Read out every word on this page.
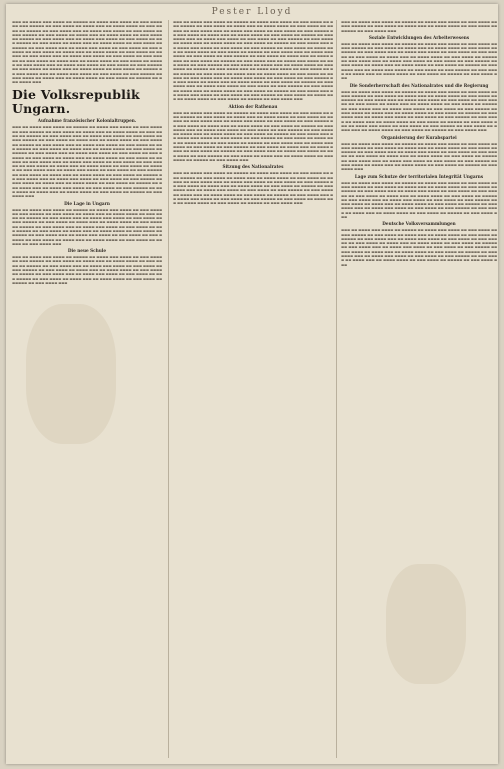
Pester Lloyd
▬▬▬ ▬▬ ▬▬▬▬ ▬▬▬ ▬▬▬▬ ▬▬ ▬▬▬▬▬ ▬▬ ▬▬▬▬ ▬▬▬ ▬▬▬▬ ▬▬ ▬▬▬ ▬▬▬▬ ▬▬ ▬▬▬ ▬▬▬▬▬ ▬▬ ▬▬▬ ▬▬▬▬ ▬▬ ▬▬▬▬ ▬▬▬ ▬▬ ▬▬▬▬ ▬▬▬▬ ▬▬ ▬▬▬ ▬▬▬▬ ▬▬ ▬▬▬▬▬ ▬▬ ▬▬▬ ▬▬▬▬ ▬▬▬ ▬▬ ▬▬▬▬ ▬▬▬ ▬▬▬▬ ▬▬ ▬▬▬ ▬▬▬▬ ▬▬ ▬▬▬ ▬▬▬▬▬ ▬▬ ▬▬▬ ▬▬▬▬ ▬▬ ▬▬▬▬ ▬▬▬ ▬▬ ▬▬▬▬ ▬▬▬▬ ▬▬ ▬▬▬ ▬▬▬▬ ▬▬ ▬▬▬▬▬ ▬▬ ▬▬▬ ▬▬▬▬ ▬▬▬ ▬▬ ▬▬▬▬ ▬▬▬ ▬▬▬▬ ▬▬ ▬▬▬ ▬▬▬▬ ▬▬ ▬▬▬ ▬▬▬▬▬ ▬▬ ▬▬▬ ▬▬▬▬ ▬▬ ▬▬▬▬ ▬▬▬ ▬▬ ▬▬▬▬ ▬▬▬▬ ▬▬ ▬▬▬ ▬▬▬▬ ▬▬ ▬▬▬▬▬ ▬▬ ▬▬▬ ▬▬▬▬ ▬▬▬ ▬▬ ▬▬▬▬ ▬▬▬ ▬▬▬▬ ▬▬ ▬▬▬ ▬▬▬▬ ▬▬ ▬▬▬ ▬▬▬▬▬ ▬▬ ▬▬▬ ▬▬▬▬ ▬▬ ▬▬▬▬ ▬▬▬ ▬▬ ▬▬▬▬ ▬▬▬▬ ▬▬ ▬▬▬ ▬▬▬▬ ▬▬ ▬▬▬▬▬ ▬▬ ▬▬▬ ▬▬▬▬ ▬▬▬ ▬▬ ▬▬▬▬ ▬▬▬ ▬▬▬▬ ▬▬ ▬▬▬ ▬▬▬▬ ▬▬ ▬▬▬ ▬▬▬▬▬ ▬▬ ▬▬▬ ▬▬▬▬ ▬▬ ▬▬▬▬ ▬▬▬ ▬▬ ▬▬▬▬ ▬▬▬▬ ▬▬ ▬▬▬ ▬▬▬▬ ▬▬ ▬▬▬▬▬ ▬▬ ▬▬▬ ▬▬▬▬ ▬▬▬ ▬▬ ▬▬▬▬ ▬▬▬ ▬▬▬▬ ▬▬ ▬▬▬ ▬▬▬▬ ▬▬ ▬▬▬ ▬▬▬▬▬ ▬▬ ▬▬▬ ▬▬▬▬ ▬▬ ▬▬▬▬ ▬▬▬ ▬▬ ▬▬▬▬ ▬▬▬▬ ▬▬ ▬▬▬ ▬▬▬▬ ▬▬ ▬▬▬▬▬ ▬▬ ▬▬▬ ▬▬▬▬ ▬▬▬ ▬▬ ▬▬▬▬ ▬▬▬ ▬▬▬▬ ▬▬ ▬▬▬ ▬▬▬▬ ▬▬ ▬▬▬ ▬▬▬▬▬ ▬▬ ▬▬▬ ▬▬▬▬ ▬▬ ▬▬▬▬ ▬▬▬ ▬▬ ▬▬▬▬ ▬▬▬▬ ▬▬ ▬▬▬ ▬▬▬▬ ▬▬ ▬▬▬▬▬ ▬▬ ▬▬▬ ▬▬▬▬ ▬▬▬
Die Volksrepublik Ungarn.
Aufnahme französischer Kolonialtruppen.
▬▬▬ ▬▬ ▬▬▬▬ ▬▬▬ ▬▬▬▬ ▬▬ ▬▬▬▬▬ ▬▬ ▬▬▬▬ ▬▬▬ ▬▬▬▬ ▬▬ ▬▬▬ ▬▬▬▬ ▬▬ ▬▬▬ ▬▬▬▬▬ ▬▬ ▬▬▬ ▬▬▬▬ ▬▬ ▬▬▬▬ ▬▬▬ ▬▬ ▬▬▬▬ ▬▬▬▬ ▬▬ ▬▬▬ ▬▬▬▬ ▬▬ ▬▬▬▬▬ ▬▬ ▬▬▬ ▬▬▬▬ ▬▬▬ ▬▬ ▬▬▬▬ ▬▬▬ ▬▬▬▬ ▬▬ ▬▬▬ ▬▬▬▬ ▬▬ ▬▬▬ ▬▬▬▬▬ ▬▬ ▬▬▬ ▬▬▬▬ ▬▬ ▬▬▬▬ ▬▬▬ ▬▬ ▬▬▬▬ ▬▬▬▬ ▬▬ ▬▬▬ ▬▬▬▬ ▬▬ ▬▬▬▬▬ ▬▬ ▬▬▬ ▬▬▬▬ ▬▬▬ ▬▬ ▬▬▬▬ ▬▬▬ ▬▬▬▬ ▬▬ ▬▬▬ ▬▬▬▬ ▬▬ ▬▬▬ ▬▬▬▬▬ ▬▬ ▬▬▬ ▬▬▬▬ ▬▬ ▬▬▬▬ ▬▬▬ ▬▬ ▬▬▬▬ ▬▬▬▬ ▬▬ ▬▬▬ ▬▬▬▬ ▬▬ ▬▬▬▬▬ ▬▬ ▬▬▬ ▬▬▬▬ ▬▬▬ ▬▬ ▬▬▬▬ ▬▬▬ ▬▬▬▬ ▬▬ ▬▬▬ ▬▬▬▬ ▬▬ ▬▬▬ ▬▬▬▬▬ ▬▬ ▬▬▬ ▬▬▬▬ ▬▬ ▬▬▬▬ ▬▬▬ ▬▬ ▬▬▬▬ ▬▬▬▬ ▬▬ ▬▬▬ ▬▬▬▬ ▬▬ ▬▬▬▬▬ ▬▬ ▬▬▬ ▬▬▬▬ ▬▬▬ ▬▬ ▬▬▬▬ ▬▬▬ ▬▬▬▬ ▬▬ ▬▬▬ ▬▬▬▬ ▬▬ ▬▬▬ ▬▬▬▬▬ ▬▬ ▬▬▬ ▬▬▬▬ ▬▬ ▬▬▬▬ ▬▬▬ ▬▬ ▬▬▬▬ ▬▬▬▬ ▬▬ ▬▬▬ ▬▬▬▬ ▬▬ ▬▬▬▬▬ ▬▬ ▬▬▬ ▬▬▬▬ ▬▬▬ ▬▬ ▬▬▬▬ ▬▬▬ ▬▬▬▬ ▬▬ ▬▬▬ ▬▬▬▬ ▬▬ ▬▬▬ ▬▬▬▬▬ ▬▬ ▬▬▬ ▬▬▬▬ ▬▬ ▬▬▬▬ ▬▬▬ ▬▬ ▬▬▬▬ ▬▬▬▬ ▬▬ ▬▬▬ ▬▬▬▬ ▬▬ ▬▬▬▬▬ ▬▬ ▬▬▬ ▬▬▬▬ ▬▬▬ ▬▬ ▬▬▬▬ ▬▬▬ ▬▬▬▬ ▬▬ ▬▬▬ ▬▬▬▬ ▬▬ ▬▬▬ ▬▬▬▬▬ ▬▬ ▬▬▬ ▬▬▬▬ ▬▬ ▬▬▬▬ ▬▬▬ ▬▬ ▬▬▬▬ ▬▬▬▬ ▬▬ ▬▬▬ ▬▬▬▬ ▬▬ ▬▬▬▬▬ ▬▬ ▬▬▬ ▬▬▬▬ ▬▬▬ ▬▬ ▬▬▬▬ ▬▬▬ ▬▬▬▬ ▬▬ ▬▬▬ ▬▬▬▬ ▬▬ ▬▬▬ ▬▬▬▬▬ ▬▬ ▬▬▬ ▬▬▬▬ ▬▬ ▬▬▬▬ ▬▬▬ ▬▬ ▬▬▬▬ ▬▬▬▬ ▬▬ ▬▬▬ ▬▬▬▬ ▬▬ ▬▬▬▬▬ ▬▬ ▬▬▬ ▬▬▬▬ ▬▬▬
Die Lage in Ungarn
▬▬▬ ▬▬ ▬▬▬▬ ▬▬▬ ▬▬▬▬ ▬▬ ▬▬▬▬▬ ▬▬ ▬▬▬▬ ▬▬▬ ▬▬▬▬ ▬▬ ▬▬▬ ▬▬▬▬ ▬▬ ▬▬▬ ▬▬▬▬▬ ▬▬ ▬▬▬ ▬▬▬▬ ▬▬ ▬▬▬▬ ▬▬▬ ▬▬ ▬▬▬▬ ▬▬▬▬ ▬▬ ▬▬▬ ▬▬▬▬ ▬▬ ▬▬▬▬▬ ▬▬ ▬▬▬ ▬▬▬▬ ▬▬▬ ▬▬ ▬▬▬▬ ▬▬▬ ▬▬▬▬ ▬▬ ▬▬▬ ▬▬▬▬ ▬▬ ▬▬▬ ▬▬▬▬▬ ▬▬ ▬▬▬ ▬▬▬▬ ▬▬ ▬▬▬▬ ▬▬▬ ▬▬ ▬▬▬▬ ▬▬▬▬ ▬▬ ▬▬▬ ▬▬▬▬ ▬▬ ▬▬▬▬▬ ▬▬ ▬▬▬ ▬▬▬▬ ▬▬▬ ▬▬ ▬▬▬▬ ▬▬▬ ▬▬▬▬ ▬▬ ▬▬▬ ▬▬▬▬ ▬▬ ▬▬▬ ▬▬▬▬▬ ▬▬ ▬▬▬ ▬▬▬▬ ▬▬ ▬▬▬▬ ▬▬▬ ▬▬ ▬▬▬▬ ▬▬▬▬ ▬▬ ▬▬▬ ▬▬▬▬ ▬▬ ▬▬▬▬▬ ▬▬ ▬▬▬ ▬▬▬▬ ▬▬▬ ▬▬ ▬▬▬▬ ▬▬▬ ▬▬▬▬ ▬▬ ▬▬▬ ▬▬▬▬ ▬▬ ▬▬▬ ▬▬▬▬▬ ▬▬ ▬▬▬ ▬▬▬▬ ▬▬ ▬▬▬▬ ▬▬▬ ▬▬ ▬▬▬▬ ▬▬▬▬ ▬▬ ▬▬▬ ▬▬▬▬ ▬▬ ▬▬▬▬▬ ▬▬ ▬▬▬ ▬▬▬▬ ▬▬▬
Die neue Schule
▬▬▬ ▬▬ ▬▬▬▬ ▬▬▬ ▬▬▬▬ ▬▬ ▬▬▬▬▬ ▬▬ ▬▬▬▬ ▬▬▬ ▬▬▬▬ ▬▬ ▬▬▬ ▬▬▬▬ ▬▬ ▬▬▬ ▬▬▬▬▬ ▬▬ ▬▬▬ ▬▬▬▬ ▬▬ ▬▬▬▬ ▬▬▬ ▬▬ ▬▬▬▬ ▬▬▬▬ ▬▬ ▬▬▬ ▬▬▬▬ ▬▬ ▬▬▬▬▬ ▬▬ ▬▬▬ ▬▬▬▬ ▬▬▬ ▬▬ ▬▬▬▬ ▬▬▬ ▬▬▬▬ ▬▬ ▬▬▬ ▬▬▬▬ ▬▬ ▬▬▬ ▬▬▬▬▬ ▬▬ ▬▬▬ ▬▬▬▬ ▬▬ ▬▬▬▬ ▬▬▬ ▬▬ ▬▬▬▬ ▬▬▬▬ ▬▬ ▬▬▬ ▬▬▬▬ ▬▬ ▬▬▬▬▬ ▬▬ ▬▬▬ ▬▬▬▬ ▬▬▬ ▬▬ ▬▬▬▬ ▬▬▬ ▬▬▬▬ ▬▬ ▬▬▬ ▬▬▬▬ ▬▬ ▬▬▬ ▬▬▬▬▬ ▬▬ ▬▬▬ ▬▬▬▬ ▬▬ ▬▬▬▬ ▬▬▬ ▬▬ ▬▬▬▬ ▬▬▬▬ ▬▬ ▬▬▬ ▬▬▬▬ ▬▬ ▬▬▬▬▬ ▬▬ ▬▬▬ ▬▬▬▬ ▬▬▬
▬▬▬ ▬▬ ▬▬▬▬ ▬▬▬ ▬▬▬▬ ▬▬ ▬▬▬▬▬ ▬▬ ▬▬▬▬ ▬▬▬ ▬▬▬▬ ▬▬ ▬▬▬ ▬▬▬▬ ▬▬ ▬▬▬ ▬▬▬▬▬ ▬▬ ▬▬▬ ▬▬▬▬ ▬▬ ▬▬▬▬ ▬▬▬ ▬▬ ▬▬▬▬ ▬▬▬▬ ▬▬ ▬▬▬ ▬▬▬▬ ▬▬ ▬▬▬▬▬ ▬▬ ▬▬▬ ▬▬▬▬ ▬▬▬ ▬▬ ▬▬▬▬ ▬▬▬ ▬▬▬▬ ▬▬ ▬▬▬ ▬▬▬▬ ▬▬ ▬▬▬ ▬▬▬▬▬ ▬▬ ▬▬▬ ▬▬▬▬ ▬▬ ▬▬▬▬ ▬▬▬ ▬▬ ▬▬▬▬ ▬▬▬▬ ▬▬ ▬▬▬ ▬▬▬▬ ▬▬ ▬▬▬▬▬ ▬▬ ▬▬▬ ▬▬▬▬ ▬▬▬ ▬▬ ▬▬▬▬ ▬▬▬ ▬▬▬▬ ▬▬ ▬▬▬ ▬▬▬▬ ▬▬ ▬▬▬ ▬▬▬▬▬ ▬▬ ▬▬▬ ▬▬▬▬ ▬▬ ▬▬▬▬ ▬▬▬ ▬▬ ▬▬▬▬ ▬▬▬▬ ▬▬ ▬▬▬ ▬▬▬▬ ▬▬ ▬▬▬▬▬ ▬▬ ▬▬▬ ▬▬▬▬ ▬▬▬ ▬▬ ▬▬▬▬ ▬▬▬ ▬▬▬▬ ▬▬ ▬▬▬ ▬▬▬▬ ▬▬ ▬▬▬ ▬▬▬▬▬ ▬▬ ▬▬▬ ▬▬▬▬ ▬▬ ▬▬▬▬ ▬▬▬ ▬▬ ▬▬▬▬ ▬▬▬▬ ▬▬ ▬▬▬ ▬▬▬▬ ▬▬ ▬▬▬▬▬ ▬▬ ▬▬▬ ▬▬▬▬ ▬▬▬ ▬▬ ▬▬▬▬ ▬▬▬ ▬▬▬▬ ▬▬ ▬▬▬ ▬▬▬▬ ▬▬ ▬▬▬ ▬▬▬▬▬ ▬▬ ▬▬▬ ▬▬▬▬ ▬▬ ▬▬▬▬ ▬▬▬ ▬▬ ▬▬▬▬ ▬▬▬▬ ▬▬ ▬▬▬ ▬▬▬▬ ▬▬ ▬▬▬▬▬ ▬▬ ▬▬▬ ▬▬▬▬ ▬▬▬ ▬▬ ▬▬▬▬ ▬▬▬ ▬▬▬▬ ▬▬ ▬▬▬ ▬▬▬▬ ▬▬ ▬▬▬ ▬▬▬▬▬ ▬▬ ▬▬▬ ▬▬▬▬ ▬▬ ▬▬▬▬ ▬▬▬ ▬▬ ▬▬▬▬ ▬▬▬▬ ▬▬ ▬▬▬ ▬▬▬▬ ▬▬ ▬▬▬▬▬ ▬▬ ▬▬▬ ▬▬▬▬ ▬▬▬ ▬▬ ▬▬▬▬ ▬▬▬ ▬▬▬▬ ▬▬ ▬▬▬ ▬▬▬▬ ▬▬ ▬▬▬ ▬▬▬▬▬ ▬▬ ▬▬▬ ▬▬▬▬ ▬▬ ▬▬▬▬ ▬▬▬ ▬▬ ▬▬▬▬ ▬▬▬▬ ▬▬ ▬▬▬ ▬▬▬▬ ▬▬ ▬▬▬▬▬ ▬▬ ▬▬▬ ▬▬▬▬ ▬▬▬ ▬▬ ▬▬▬▬ ▬▬▬ ▬▬▬▬ ▬▬ ▬▬▬ ▬▬▬▬ ▬▬ ▬▬▬ ▬▬▬▬▬ ▬▬ ▬▬▬ ▬▬▬▬ ▬▬ ▬▬▬▬ ▬▬▬ ▬▬ ▬▬▬▬ ▬▬▬▬ ▬▬ ▬▬▬ ▬▬▬▬ ▬▬ ▬▬▬▬▬ ▬▬ ▬▬▬ ▬▬▬▬ ▬▬▬ ▬▬ ▬▬▬▬ ▬▬▬ ▬▬▬▬ ▬▬ ▬▬▬ ▬▬▬▬ ▬▬ ▬▬▬ ▬▬▬▬▬ ▬▬ ▬▬▬ ▬▬▬▬ ▬▬ ▬▬▬▬ ▬▬▬ ▬▬ ▬▬▬▬ ▬▬▬▬ ▬▬ ▬▬▬ ▬▬▬▬ ▬▬ ▬▬▬▬▬ ▬▬ ▬▬▬ ▬▬▬▬ ▬▬▬ ▬▬ ▬▬▬▬ ▬▬▬ ▬▬▬▬ ▬▬ ▬▬▬ ▬▬▬▬ ▬▬ ▬▬▬ ▬▬▬▬▬ ▬▬ ▬▬▬ ▬▬▬▬ ▬▬ ▬▬▬▬ ▬▬▬ ▬▬ ▬▬▬▬ ▬▬▬▬ ▬▬ ▬▬▬ ▬▬▬▬ ▬▬ ▬▬▬▬▬ ▬▬ ▬▬▬ ▬▬▬▬ ▬▬▬
Aktion der Rathenau
▬▬▬ ▬▬ ▬▬▬▬ ▬▬▬ ▬▬▬▬ ▬▬ ▬▬▬▬▬ ▬▬ ▬▬▬▬ ▬▬▬ ▬▬▬▬ ▬▬ ▬▬▬ ▬▬▬▬ ▬▬ ▬▬▬ ▬▬▬▬▬ ▬▬ ▬▬▬ ▬▬▬▬ ▬▬ ▬▬▬▬ ▬▬▬ ▬▬ ▬▬▬▬ ▬▬▬▬ ▬▬ ▬▬▬ ▬▬▬▬ ▬▬ ▬▬▬▬▬ ▬▬ ▬▬▬ ▬▬▬▬ ▬▬▬ ▬▬ ▬▬▬▬ ▬▬▬ ▬▬▬▬ ▬▬ ▬▬▬ ▬▬▬▬ ▬▬ ▬▬▬ ▬▬▬▬▬ ▬▬ ▬▬▬ ▬▬▬▬ ▬▬ ▬▬▬▬ ▬▬▬ ▬▬ ▬▬▬▬ ▬▬▬▬ ▬▬ ▬▬▬ ▬▬▬▬ ▬▬ ▬▬▬▬▬ ▬▬ ▬▬▬ ▬▬▬▬ ▬▬▬ ▬▬ ▬▬▬▬ ▬▬▬ ▬▬▬▬ ▬▬ ▬▬▬ ▬▬▬▬ ▬▬ ▬▬▬ ▬▬▬▬▬ ▬▬ ▬▬▬ ▬▬▬▬ ▬▬ ▬▬▬▬ ▬▬▬ ▬▬ ▬▬▬▬ ▬▬▬▬ ▬▬ ▬▬▬ ▬▬▬▬ ▬▬ ▬▬▬▬▬ ▬▬ ▬▬▬ ▬▬▬▬ ▬▬▬ ▬▬ ▬▬▬▬ ▬▬▬ ▬▬▬▬ ▬▬ ▬▬▬ ▬▬▬▬ ▬▬ ▬▬▬ ▬▬▬▬▬ ▬▬ ▬▬▬ ▬▬▬▬ ▬▬ ▬▬▬▬ ▬▬▬ ▬▬ ▬▬▬▬ ▬▬▬▬ ▬▬ ▬▬▬ ▬▬▬▬ ▬▬ ▬▬▬▬▬ ▬▬ ▬▬▬ ▬▬▬▬ ▬▬▬ ▬▬ ▬▬▬▬ ▬▬▬ ▬▬▬▬ ▬▬ ▬▬▬ ▬▬▬▬ ▬▬ ▬▬▬ ▬▬▬▬▬ ▬▬ ▬▬▬ ▬▬▬▬ ▬▬ ▬▬▬▬ ▬▬▬ ▬▬ ▬▬▬▬ ▬▬▬▬ ▬▬ ▬▬▬ ▬▬▬▬ ▬▬ ▬▬▬▬▬ ▬▬ ▬▬▬ ▬▬▬▬ ▬▬▬ ▬▬ ▬▬▬▬ ▬▬▬ ▬▬▬▬ ▬▬ ▬▬▬ ▬▬▬▬ ▬▬ ▬▬▬ ▬▬▬▬▬ ▬▬ ▬▬▬ ▬▬▬▬ ▬▬ ▬▬▬▬ ▬▬▬ ▬▬ ▬▬▬▬ ▬▬▬▬ ▬▬ ▬▬▬ ▬▬▬▬ ▬▬ ▬▬▬▬▬ ▬▬ ▬▬▬ ▬▬▬▬ ▬▬▬
Sitzung des Nationalrates
▬▬▬ ▬▬ ▬▬▬▬ ▬▬▬ ▬▬▬▬ ▬▬ ▬▬▬▬▬ ▬▬ ▬▬▬▬ ▬▬▬ ▬▬▬▬ ▬▬ ▬▬▬ ▬▬▬▬ ▬▬ ▬▬▬ ▬▬▬▬▬ ▬▬ ▬▬▬ ▬▬▬▬ ▬▬ ▬▬▬▬ ▬▬▬ ▬▬ ▬▬▬▬ ▬▬▬▬ ▬▬ ▬▬▬ ▬▬▬▬ ▬▬ ▬▬▬▬▬ ▬▬ ▬▬▬ ▬▬▬▬ ▬▬▬ ▬▬ ▬▬▬▬ ▬▬▬ ▬▬▬▬ ▬▬ ▬▬▬ ▬▬▬▬ ▬▬ ▬▬▬ ▬▬▬▬▬ ▬▬ ▬▬▬ ▬▬▬▬ ▬▬ ▬▬▬▬ ▬▬▬ ▬▬ ▬▬▬▬ ▬▬▬▬ ▬▬ ▬▬▬ ▬▬▬▬ ▬▬ ▬▬▬▬▬ ▬▬ ▬▬▬ ▬▬▬▬ ▬▬▬ ▬▬ ▬▬▬▬ ▬▬▬ ▬▬▬▬ ▬▬ ▬▬▬ ▬▬▬▬ ▬▬ ▬▬▬ ▬▬▬▬▬ ▬▬ ▬▬▬ ▬▬▬▬ ▬▬ ▬▬▬▬ ▬▬▬ ▬▬ ▬▬▬▬ ▬▬▬▬ ▬▬ ▬▬▬ ▬▬▬▬ ▬▬ ▬▬▬▬▬ ▬▬ ▬▬▬ ▬▬▬▬ ▬▬▬ ▬▬ ▬▬▬▬ ▬▬▬ ▬▬▬▬ ▬▬ ▬▬▬ ▬▬▬▬ ▬▬ ▬▬▬ ▬▬▬▬▬ ▬▬ ▬▬▬ ▬▬▬▬ ▬▬ ▬▬▬▬ ▬▬▬ ▬▬ ▬▬▬▬ ▬▬▬▬ ▬▬ ▬▬▬ ▬▬▬▬ ▬▬ ▬▬▬▬▬ ▬▬ ▬▬▬ ▬▬▬▬ ▬▬▬
▬▬▬ ▬▬ ▬▬▬▬ ▬▬▬ ▬▬▬▬ ▬▬ ▬▬▬▬▬ ▬▬ ▬▬▬▬ ▬▬▬ ▬▬▬▬ ▬▬ ▬▬▬ ▬▬▬▬ ▬▬ ▬▬▬ ▬▬▬▬▬ ▬▬ ▬▬▬ ▬▬▬▬ ▬▬ ▬▬▬▬ ▬▬▬ ▬▬ ▬▬▬▬ ▬▬▬▬ ▬▬ ▬▬▬ ▬▬▬▬ ▬▬ ▬▬▬▬▬ ▬▬ ▬▬▬ ▬▬▬▬ ▬▬▬
Soziale Entwicklungen des Arbeiterwesens
▬▬▬ ▬▬ ▬▬▬▬ ▬▬▬ ▬▬▬▬ ▬▬ ▬▬▬▬▬ ▬▬ ▬▬▬▬ ▬▬▬ ▬▬▬▬ ▬▬ ▬▬▬ ▬▬▬▬ ▬▬ ▬▬▬ ▬▬▬▬▬ ▬▬ ▬▬▬ ▬▬▬▬ ▬▬ ▬▬▬▬ ▬▬▬ ▬▬ ▬▬▬▬ ▬▬▬▬ ▬▬ ▬▬▬ ▬▬▬▬ ▬▬ ▬▬▬▬▬ ▬▬ ▬▬▬ ▬▬▬▬ ▬▬▬ ▬▬ ▬▬▬▬ ▬▬▬ ▬▬▬▬ ▬▬ ▬▬▬ ▬▬▬▬ ▬▬ ▬▬▬ ▬▬▬▬▬ ▬▬ ▬▬▬ ▬▬▬▬ ▬▬ ▬▬▬▬ ▬▬▬ ▬▬ ▬▬▬▬ ▬▬▬▬ ▬▬ ▬▬▬ ▬▬▬▬ ▬▬ ▬▬▬▬▬ ▬▬ ▬▬▬ ▬▬▬▬ ▬▬▬ ▬▬ ▬▬▬▬ ▬▬▬ ▬▬▬▬ ▬▬ ▬▬▬ ▬▬▬▬ ▬▬ ▬▬▬ ▬▬▬▬▬ ▬▬ ▬▬▬ ▬▬▬▬ ▬▬ ▬▬▬▬ ▬▬▬ ▬▬ ▬▬▬▬ ▬▬▬▬ ▬▬ ▬▬▬ ▬▬▬▬ ▬▬ ▬▬▬▬▬ ▬▬ ▬▬▬ ▬▬▬▬ ▬▬▬ ▬▬ ▬▬▬▬ ▬▬▬ ▬▬▬▬ ▬▬ ▬▬▬ ▬▬▬▬ ▬▬ ▬▬▬ ▬▬▬▬▬ ▬▬ ▬▬▬ ▬▬▬▬ ▬▬ ▬▬▬▬ ▬▬▬ ▬▬ ▬▬▬▬ ▬▬▬▬ ▬▬ ▬▬▬ ▬▬▬▬ ▬▬ ▬▬▬▬▬ ▬▬ ▬▬▬ ▬▬▬▬ ▬▬▬
Die Sonderherrschaft des Nationalrates und die Regierung
▬▬▬ ▬▬ ▬▬▬▬ ▬▬▬ ▬▬▬▬ ▬▬ ▬▬▬▬▬ ▬▬ ▬▬▬▬ ▬▬▬ ▬▬▬▬ ▬▬ ▬▬▬ ▬▬▬▬ ▬▬ ▬▬▬ ▬▬▬▬▬ ▬▬ ▬▬▬ ▬▬▬▬ ▬▬ ▬▬▬▬ ▬▬▬ ▬▬ ▬▬▬▬ ▬▬▬▬ ▬▬ ▬▬▬ ▬▬▬▬ ▬▬ ▬▬▬▬▬ ▬▬ ▬▬▬ ▬▬▬▬ ▬▬▬ ▬▬ ▬▬▬▬ ▬▬▬ ▬▬▬▬ ▬▬ ▬▬▬ ▬▬▬▬ ▬▬ ▬▬▬ ▬▬▬▬▬ ▬▬ ▬▬▬ ▬▬▬▬ ▬▬ ▬▬▬▬ ▬▬▬ ▬▬ ▬▬▬▬ ▬▬▬▬ ▬▬ ▬▬▬ ▬▬▬▬ ▬▬ ▬▬▬▬▬ ▬▬ ▬▬▬ ▬▬▬▬ ▬▬▬ ▬▬ ▬▬▬▬ ▬▬▬ ▬▬▬▬ ▬▬ ▬▬▬ ▬▬▬▬ ▬▬ ▬▬▬ ▬▬▬▬▬ ▬▬ ▬▬▬ ▬▬▬▬ ▬▬ ▬▬▬▬ ▬▬▬ ▬▬ ▬▬▬▬ ▬▬▬▬ ▬▬ ▬▬▬ ▬▬▬▬ ▬▬ ▬▬▬▬▬ ▬▬ ▬▬▬ ▬▬▬▬ ▬▬▬ ▬▬ ▬▬▬▬ ▬▬▬ ▬▬▬▬ ▬▬ ▬▬▬ ▬▬▬▬ ▬▬ ▬▬▬ ▬▬▬▬▬ ▬▬ ▬▬▬ ▬▬▬▬ ▬▬ ▬▬▬▬ ▬▬▬ ▬▬ ▬▬▬▬ ▬▬▬▬ ▬▬ ▬▬▬ ▬▬▬▬ ▬▬ ▬▬▬▬▬ ▬▬ ▬▬▬ ▬▬▬▬ ▬▬▬ ▬▬ ▬▬▬▬ ▬▬▬ ▬▬▬▬ ▬▬ ▬▬▬ ▬▬▬▬ ▬▬ ▬▬▬ ▬▬▬▬▬ ▬▬ ▬▬▬ ▬▬▬▬ ▬▬ ▬▬▬▬ ▬▬▬ ▬▬ ▬▬▬▬ ▬▬▬▬ ▬▬ ▬▬▬ ▬▬▬▬ ▬▬ ▬▬▬▬▬ ▬▬ ▬▬▬ ▬▬▬▬ ▬▬▬
Organisierung der Kurabspartei
▬▬▬ ▬▬ ▬▬▬▬ ▬▬▬ ▬▬▬▬ ▬▬ ▬▬▬▬▬ ▬▬ ▬▬▬▬ ▬▬▬ ▬▬▬▬ ▬▬ ▬▬▬ ▬▬▬▬ ▬▬ ▬▬▬ ▬▬▬▬▬ ▬▬ ▬▬▬ ▬▬▬▬ ▬▬ ▬▬▬▬ ▬▬▬ ▬▬ ▬▬▬▬ ▬▬▬▬ ▬▬ ▬▬▬ ▬▬▬▬ ▬▬ ▬▬▬▬▬ ▬▬ ▬▬▬ ▬▬▬▬ ▬▬▬ ▬▬ ▬▬▬▬ ▬▬▬ ▬▬▬▬ ▬▬ ▬▬▬ ▬▬▬▬ ▬▬ ▬▬▬ ▬▬▬▬▬ ▬▬ ▬▬▬ ▬▬▬▬ ▬▬ ▬▬▬▬ ▬▬▬ ▬▬ ▬▬▬▬ ▬▬▬▬ ▬▬ ▬▬▬ ▬▬▬▬ ▬▬ ▬▬▬▬▬ ▬▬ ▬▬▬ ▬▬▬▬ ▬▬▬ ▬▬ ▬▬▬▬ ▬▬▬ ▬▬▬▬ ▬▬ ▬▬▬ ▬▬▬▬ ▬▬ ▬▬▬ ▬▬▬▬▬ ▬▬ ▬▬▬ ▬▬▬▬ ▬▬ ▬▬▬▬ ▬▬▬ ▬▬ ▬▬▬▬ ▬▬▬▬ ▬▬ ▬▬▬ ▬▬▬▬ ▬▬ ▬▬▬▬▬ ▬▬ ▬▬▬ ▬▬▬▬ ▬▬▬
Lage zum Schutze der territorialen Integrität Ungarns
▬▬▬ ▬▬ ▬▬▬▬ ▬▬▬ ▬▬▬▬ ▬▬ ▬▬▬▬▬ ▬▬ ▬▬▬▬ ▬▬▬ ▬▬▬▬ ▬▬ ▬▬▬ ▬▬▬▬ ▬▬ ▬▬▬ ▬▬▬▬▬ ▬▬ ▬▬▬ ▬▬▬▬ ▬▬ ▬▬▬▬ ▬▬▬ ▬▬ ▬▬▬▬ ▬▬▬▬ ▬▬ ▬▬▬ ▬▬▬▬ ▬▬ ▬▬▬▬▬ ▬▬ ▬▬▬ ▬▬▬▬ ▬▬▬ ▬▬ ▬▬▬▬ ▬▬▬ ▬▬▬▬ ▬▬ ▬▬▬ ▬▬▬▬ ▬▬ ▬▬▬ ▬▬▬▬▬ ▬▬ ▬▬▬ ▬▬▬▬ ▬▬ ▬▬▬▬ ▬▬▬ ▬▬ ▬▬▬▬ ▬▬▬▬ ▬▬ ▬▬▬ ▬▬▬▬ ▬▬ ▬▬▬▬▬ ▬▬ ▬▬▬ ▬▬▬▬ ▬▬▬ ▬▬ ▬▬▬▬ ▬▬▬ ▬▬▬▬ ▬▬ ▬▬▬ ▬▬▬▬ ▬▬ ▬▬▬ ▬▬▬▬▬ ▬▬ ▬▬▬ ▬▬▬▬ ▬▬ ▬▬▬▬ ▬▬▬ ▬▬ ▬▬▬▬ ▬▬▬▬ ▬▬ ▬▬▬ ▬▬▬▬ ▬▬ ▬▬▬▬▬ ▬▬ ▬▬▬ ▬▬▬▬ ▬▬▬ ▬▬ ▬▬▬▬ ▬▬▬ ▬▬▬▬ ▬▬ ▬▬▬ ▬▬▬▬ ▬▬ ▬▬▬ ▬▬▬▬▬ ▬▬ ▬▬▬ ▬▬▬▬ ▬▬ ▬▬▬▬ ▬▬▬ ▬▬ ▬▬▬▬ ▬▬▬▬ ▬▬ ▬▬▬ ▬▬▬▬ ▬▬ ▬▬▬▬▬ ▬▬ ▬▬▬ ▬▬▬▬ ▬▬▬
Deutsche Volksversammlungen
▬▬▬ ▬▬ ▬▬▬▬ ▬▬▬ ▬▬▬▬ ▬▬ ▬▬▬▬▬ ▬▬ ▬▬▬▬ ▬▬▬ ▬▬▬▬ ▬▬ ▬▬▬ ▬▬▬▬ ▬▬ ▬▬▬ ▬▬▬▬▬ ▬▬ ▬▬▬ ▬▬▬▬ ▬▬ ▬▬▬▬ ▬▬▬ ▬▬ ▬▬▬▬ ▬▬▬▬ ▬▬ ▬▬▬ ▬▬▬▬ ▬▬ ▬▬▬▬▬ ▬▬ ▬▬▬ ▬▬▬▬ ▬▬▬ ▬▬ ▬▬▬▬ ▬▬▬ ▬▬▬▬ ▬▬ ▬▬▬ ▬▬▬▬ ▬▬ ▬▬▬ ▬▬▬▬▬ ▬▬ ▬▬▬ ▬▬▬▬ ▬▬ ▬▬▬▬ ▬▬▬ ▬▬ ▬▬▬▬ ▬▬▬▬ ▬▬ ▬▬▬ ▬▬▬▬ ▬▬ ▬▬▬▬▬ ▬▬ ▬▬▬ ▬▬▬▬ ▬▬▬ ▬▬ ▬▬▬▬ ▬▬▬ ▬▬▬▬ ▬▬ ▬▬▬ ▬▬▬▬ ▬▬ ▬▬▬ ▬▬▬▬▬ ▬▬ ▬▬▬ ▬▬▬▬ ▬▬ ▬▬▬▬ ▬▬▬ ▬▬ ▬▬▬▬ ▬▬▬▬ ▬▬ ▬▬▬ ▬▬▬▬ ▬▬ ▬▬▬▬▬ ▬▬ ▬▬▬ ▬▬▬▬ ▬▬▬ ▬▬ ▬▬▬▬ ▬▬▬ ▬▬▬▬ ▬▬ ▬▬▬ ▬▬▬▬ ▬▬ ▬▬▬ ▬▬▬▬▬ ▬▬ ▬▬▬ ▬▬▬▬ ▬▬ ▬▬▬▬ ▬▬▬ ▬▬ ▬▬▬▬ ▬▬▬▬ ▬▬ ▬▬▬ ▬▬▬▬ ▬▬ ▬▬▬▬▬ ▬▬ ▬▬▬ ▬▬▬▬ ▬▬▬
